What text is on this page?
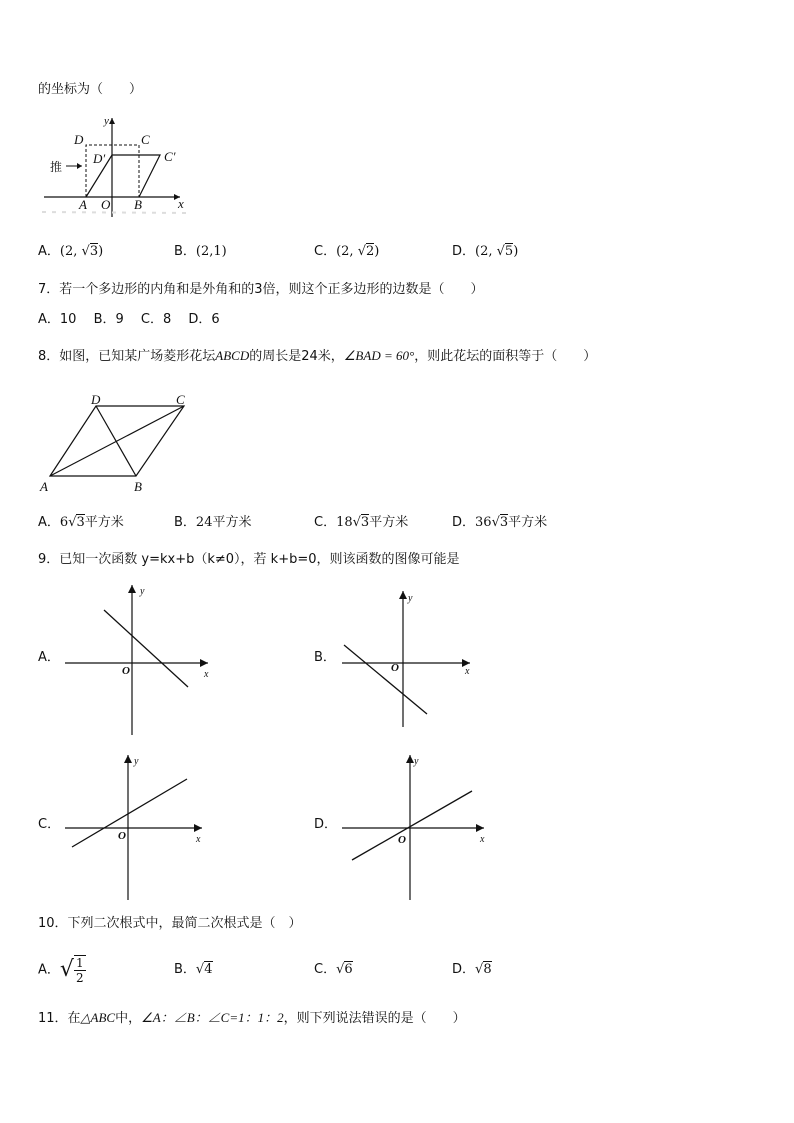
的坐标为（　　）
y
D	C
D′	C′
推
A O B	x
A．(2, √3)	B．(2,1)	C．(2, √2)	D．(2, √5)
7．若一个多边形的内角和是外角和的3倍，则这个正多边形的边数是（　　）
A．10　 B．9　 C．8　 D．6
8．如图，已知某广场菱形花坛ABCD的周长是24米，∠BAD = 60°，则此花坛的面积等于（　　）
D	C
A	B
A．6√3平方米	B．24平方米	C．18√3平方米	D．36√3平方米
9．已知一次函数 y=kx+b（k≠0），若 k+b=0，则该函数的图像可能是
A．
y
x
O
B．
y
x
O
C．
y
x
O
D．
y
x
O
10．下列二次根式中，最简二次根式是（　）
A．√ $\frac{1}{2}$	B．√4	C．√6	D．√8
11．在△ABC中，∠A：∠B：∠C=1：1：2，则下列说法错误的是（　　）
